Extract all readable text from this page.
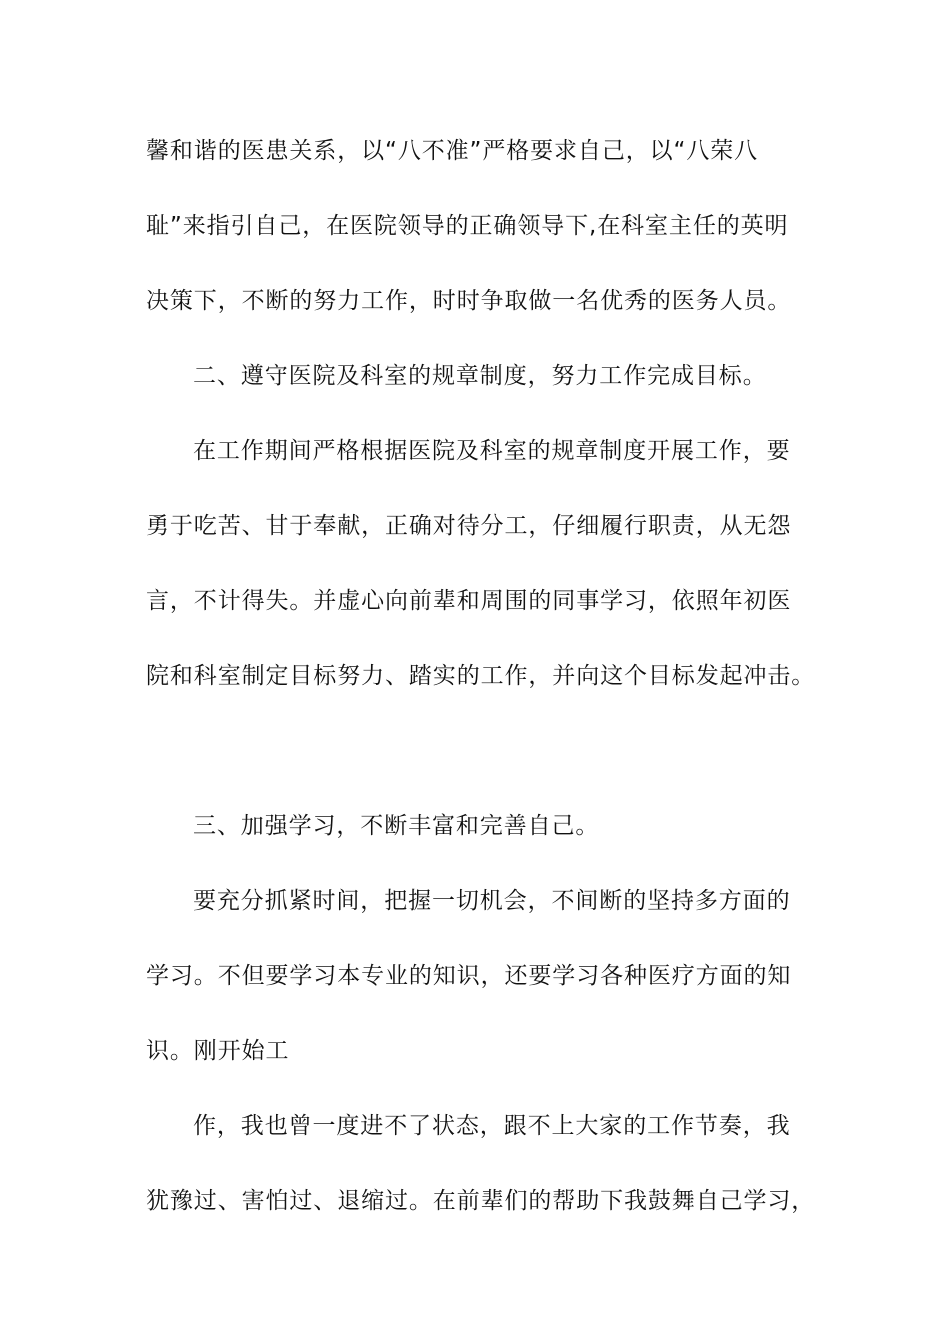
馨和谐的医患关系，以“八不准”严格要求自己，以“八荣八

耻”来指引自己，在医院领导的正确领导下,在科室主任的英明

决策下，不断的努力工作，时时争取做一名优秀的医务人员。

二、遵守医院及科室的规章制度，努力工作完成目标。

在工作期间严格根据医院及科室的规章制度开展工作，要

勇于吃苦、甘于奉献，正确对待分工，仔细履行职责，从无怨

言，不计得失。并虚心向前辈和周围的同事学习，依照年初医

院和科室制定目标努力、踏实的工作，并向这个目标发起冲击。

三、加强学习，不断丰富和完善自己。

要充分抓紧时间，把握一切机会，不间断的坚持多方面的

学习。不但要学习本专业的知识，还要学习各种医疗方面的知

识。刚开始工

作，我也曾一度进不了状态，跟不上大家的工作节奏，我

犹豫过、害怕过、退缩过。在前辈们的帮助下我鼓舞自己学习，
